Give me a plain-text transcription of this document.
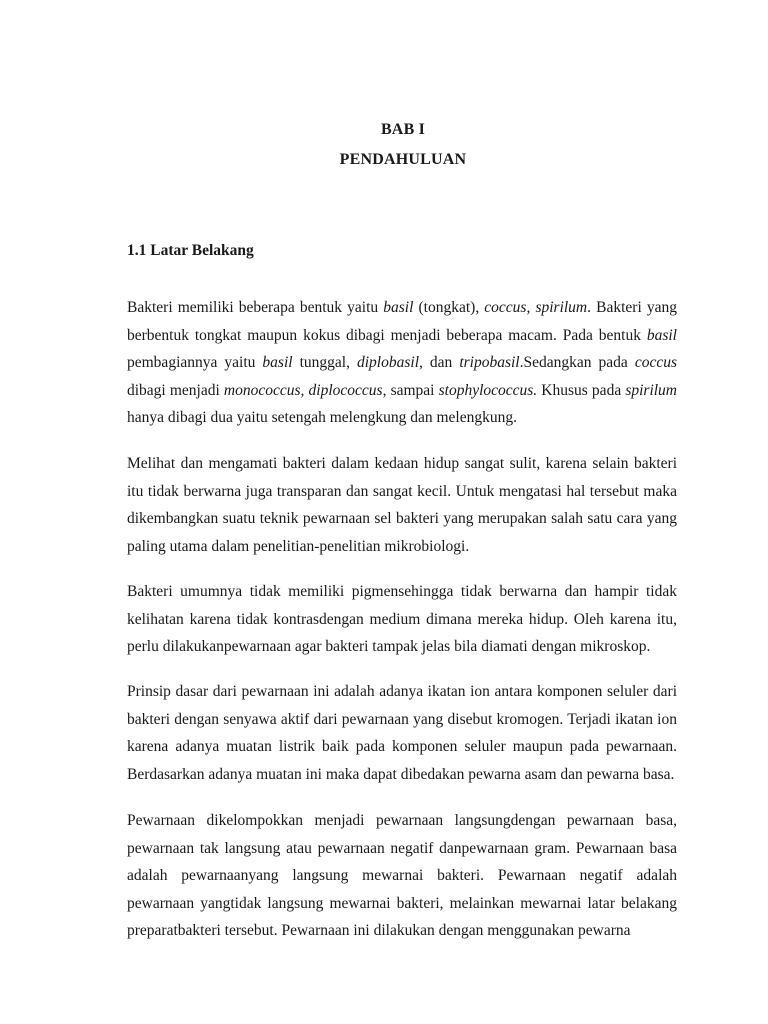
BAB I
PENDAHULUAN
1.1 Latar Belakang

Bakteri memiliki beberapa bentuk yaitu basil (tongkat), coccus, spirilum. Bakteri yang berbentuk tongkat maupun kokus dibagi menjadi beberapa macam. Pada bentuk basil pembagiannya yaitu basil tunggal, diplobasil, dan tripobasil.Sedangkan pada coccus dibagi menjadi monococcus, diplococcus, sampai stophylococcus. Khusus pada spirilum hanya dibagi dua yaitu setengah melengkung dan melengkung.

Melihat dan mengamati bakteri dalam kedaan hidup sangat sulit, karena selain bakteri itu tidak berwarna juga transparan dan sangat kecil. Untuk mengatasi hal tersebut maka dikembangkan suatu teknik pewarnaan sel bakteri yang merupakan salah satu cara yang paling utama dalam penelitian-penelitian mikrobiologi.

Bakteri umumnya tidak memiliki pigmensehingga tidak berwarna dan hampir tidak kelihatan karena tidak kontrasdengan medium dimana mereka hidup. Oleh karena itu, perlu dilakukanpewarnaan agar bakteri tampak jelas bila diamati dengan mikroskop.

Prinsip dasar dari pewarnaan ini adalah adanya ikatan ion antara komponen seluler dari bakteri dengan senyawa aktif dari pewarnaan yang disebut kromogen. Terjadi ikatan ion karena adanya muatan listrik baik pada komponen seluler maupun pada pewarnaan. Berdasarkan adanya muatan ini maka dapat dibedakan pewarna asam dan pewarna basa.

Pewarnaan dikelompokkan menjadi pewarnaan langsungdengan pewarnaan basa, pewarnaan tak langsung atau pewarnaan negatif danpewarnaan gram. Pewarnaan basa adalah pewarnaanyang langsung mewarnai bakteri. Pewarnaan negatif adalah pewarnaan yangtidak langsung mewarnai bakteri, melainkan mewarnai latar belakang preparatbakteri tersebut. Pewarnaan ini dilakukan dengan menggunakan pewarna
